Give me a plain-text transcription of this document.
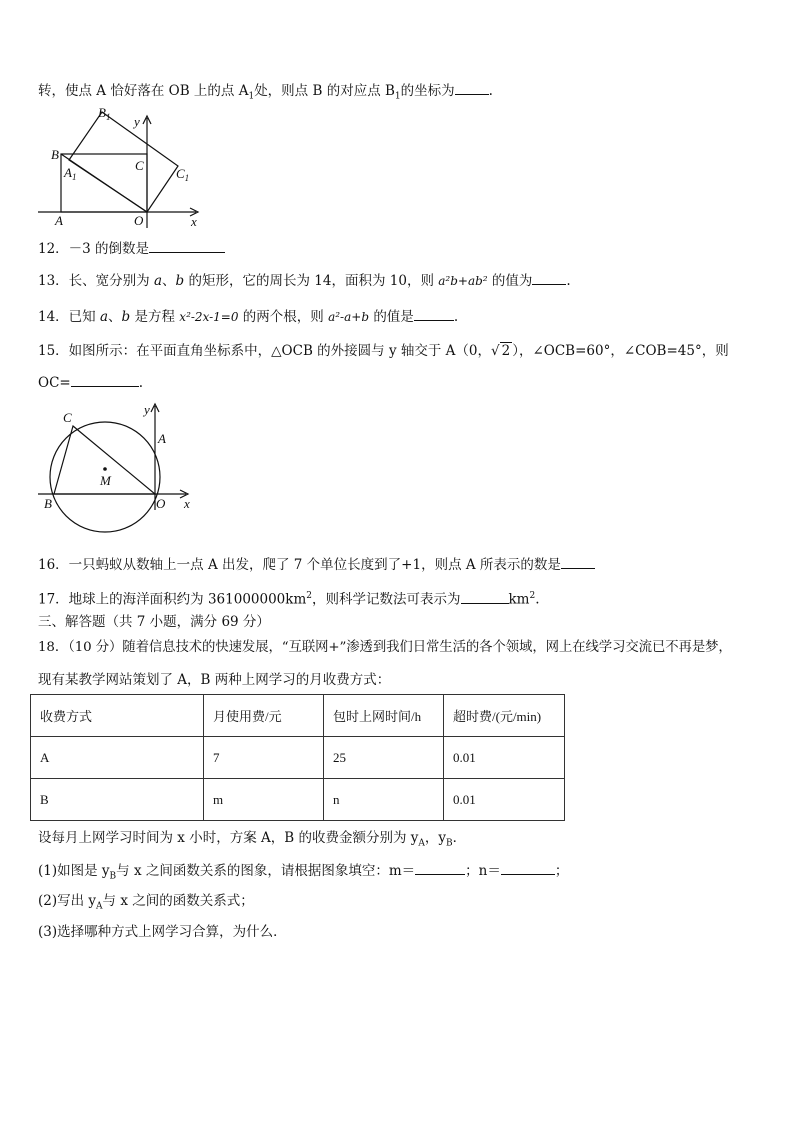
转，使点 A 恰好落在 OB 上的点 $A_1$处，则点 B 的对应点 $B_1$的坐标为	.
$B_1$ y
B
C
$A_1$	$C_1$
A	O	x
12．－3 的倒数是
13．长、宽分别为 a、b 的矩形，它的周长为 14，面积为 10，则 a²b+ab² 的值为	.
14．已知 a、b 是方程 x²-2x-1=0 的两个根，则 a²-a+b 的值是	.
15．如图所示：在平面直角坐标系中，△OCB 的外接圆与 y 轴交于 A（0，√ 2 ），∠OCB=60°，∠COB=45°，则
OC=	.
C
y
A
M
B	O x
16．一只蚂蚁从数轴上一点 A 出发，爬了 7 个单位长度到了+1，则点 A 所表示的数是
17．地球上的海洋面积约为 $361000000km^2$，则科学记数法可表示为	$km^2$.
三、解答题（共 7 小题，满分 69 分）
18．（10 分）随着信息技术的快速发展，“互联网+”渗透到我们日常生活的各个领域，网上在线学习交流已不再是梦，
现有某教学网站策划了 A，B 两种上网学习的月收费方式：
收费方式	月使用费/元	包时上网时间/h	超时费/(元/min)
A	7	25	0.01
B	m	n	0.01
设每月上网学习时间为 x 小时，方案 A，B 的收费金额分别为 $y_A$，$y_B$．
(1)如图是 $y_B$与 x 之间函数关系的图象，请根据图象填空：m＝	；n＝	；
(2)写出 $y_A$与 x 之间的函数关系式；
(3)选择哪种方式上网学习合算，为什么．
